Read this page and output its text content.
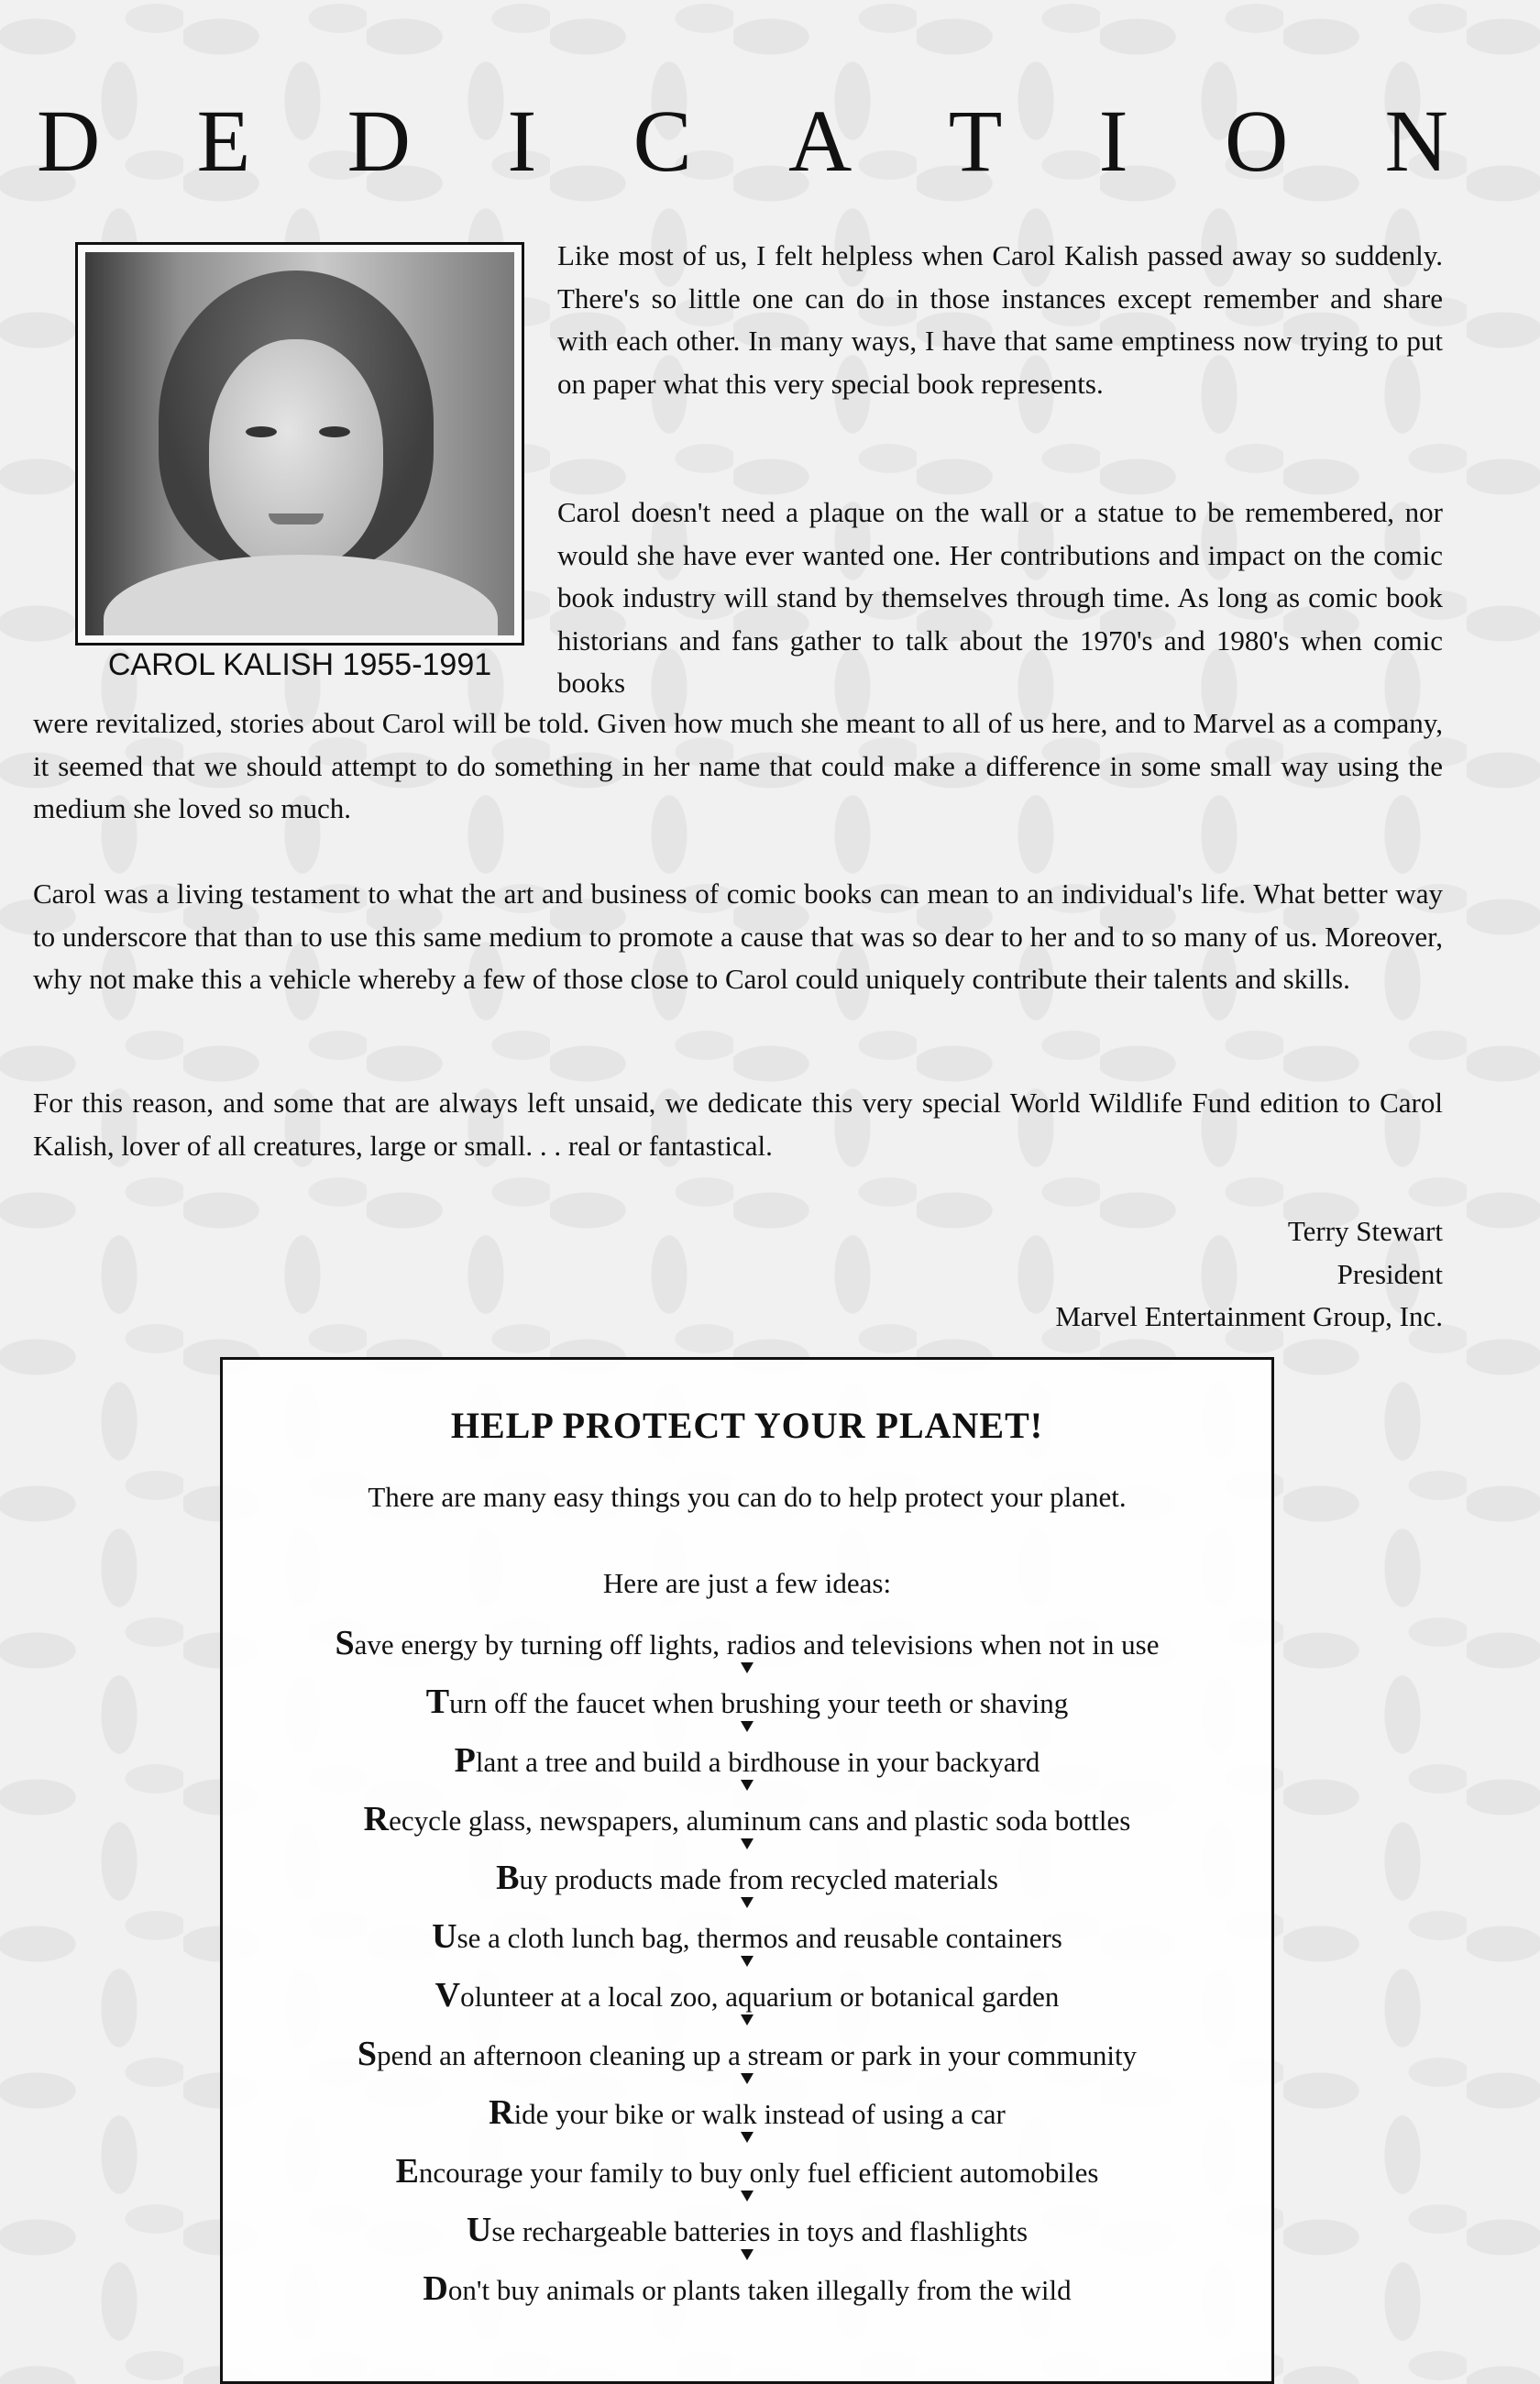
D E D I C A T I O N
CAROL KALISH 1955-1991

Like most of us, I felt helpless when Carol Kalish passed away so suddenly. There's so little one can do in those instances except remember and share with each other. In many ways, I have that same emptiness now trying to put on paper what this very special book represents.

Carol doesn't need a plaque on the wall or a statue to be remembered, nor would she have ever wanted one. Her contributions and impact on the comic book industry will stand by themselves through time. As long as comic book historians and fans gather to talk about the 1970's and 1980's when comic books

were revitalized, stories about Carol will be told. Given how much she meant to all of us here, and to Marvel as a company, it seemed that we should attempt to do something in her name that could make a difference in some small way using the medium she loved so much.

Carol was a living testament to what the art and business of comic books can mean to an individual's life. What better way to underscore that than to use this same medium to promote a cause that was so dear to her and to so many of us. Moreover, why not make this a vehicle whereby a few of those close to Carol could uniquely contribute their talents and skills.

For this reason, and some that are always left unsaid, we dedicate this very special World Wildlife Fund edition to Carol Kalish, lover of all creatures, large or small. . . real or fantastical.

Terry Stewart
President
Marvel Entertainment Group, Inc.
HELP PROTECT YOUR PLANET!
There are many easy things you can do to help protect your planet.
Here are just a few ideas:
Save energy by turning off lights, radios and televisions when not in use
Turn off the faucet when brushing your teeth or shaving
Plant a tree and build a birdhouse in your backyard
Recycle glass, newspapers, aluminum cans and plastic soda bottles
Buy products made from recycled materials
Use a cloth lunch bag, thermos and reusable containers
Volunteer at a local zoo, aquarium or botanical garden
Spend an afternoon cleaning up a stream or park in your community
Ride your bike or walk instead of using a car
Encourage your family to buy only fuel efficient automobiles
Use rechargeable batteries in toys and flashlights
Don't buy animals or plants taken illegally from the wild
